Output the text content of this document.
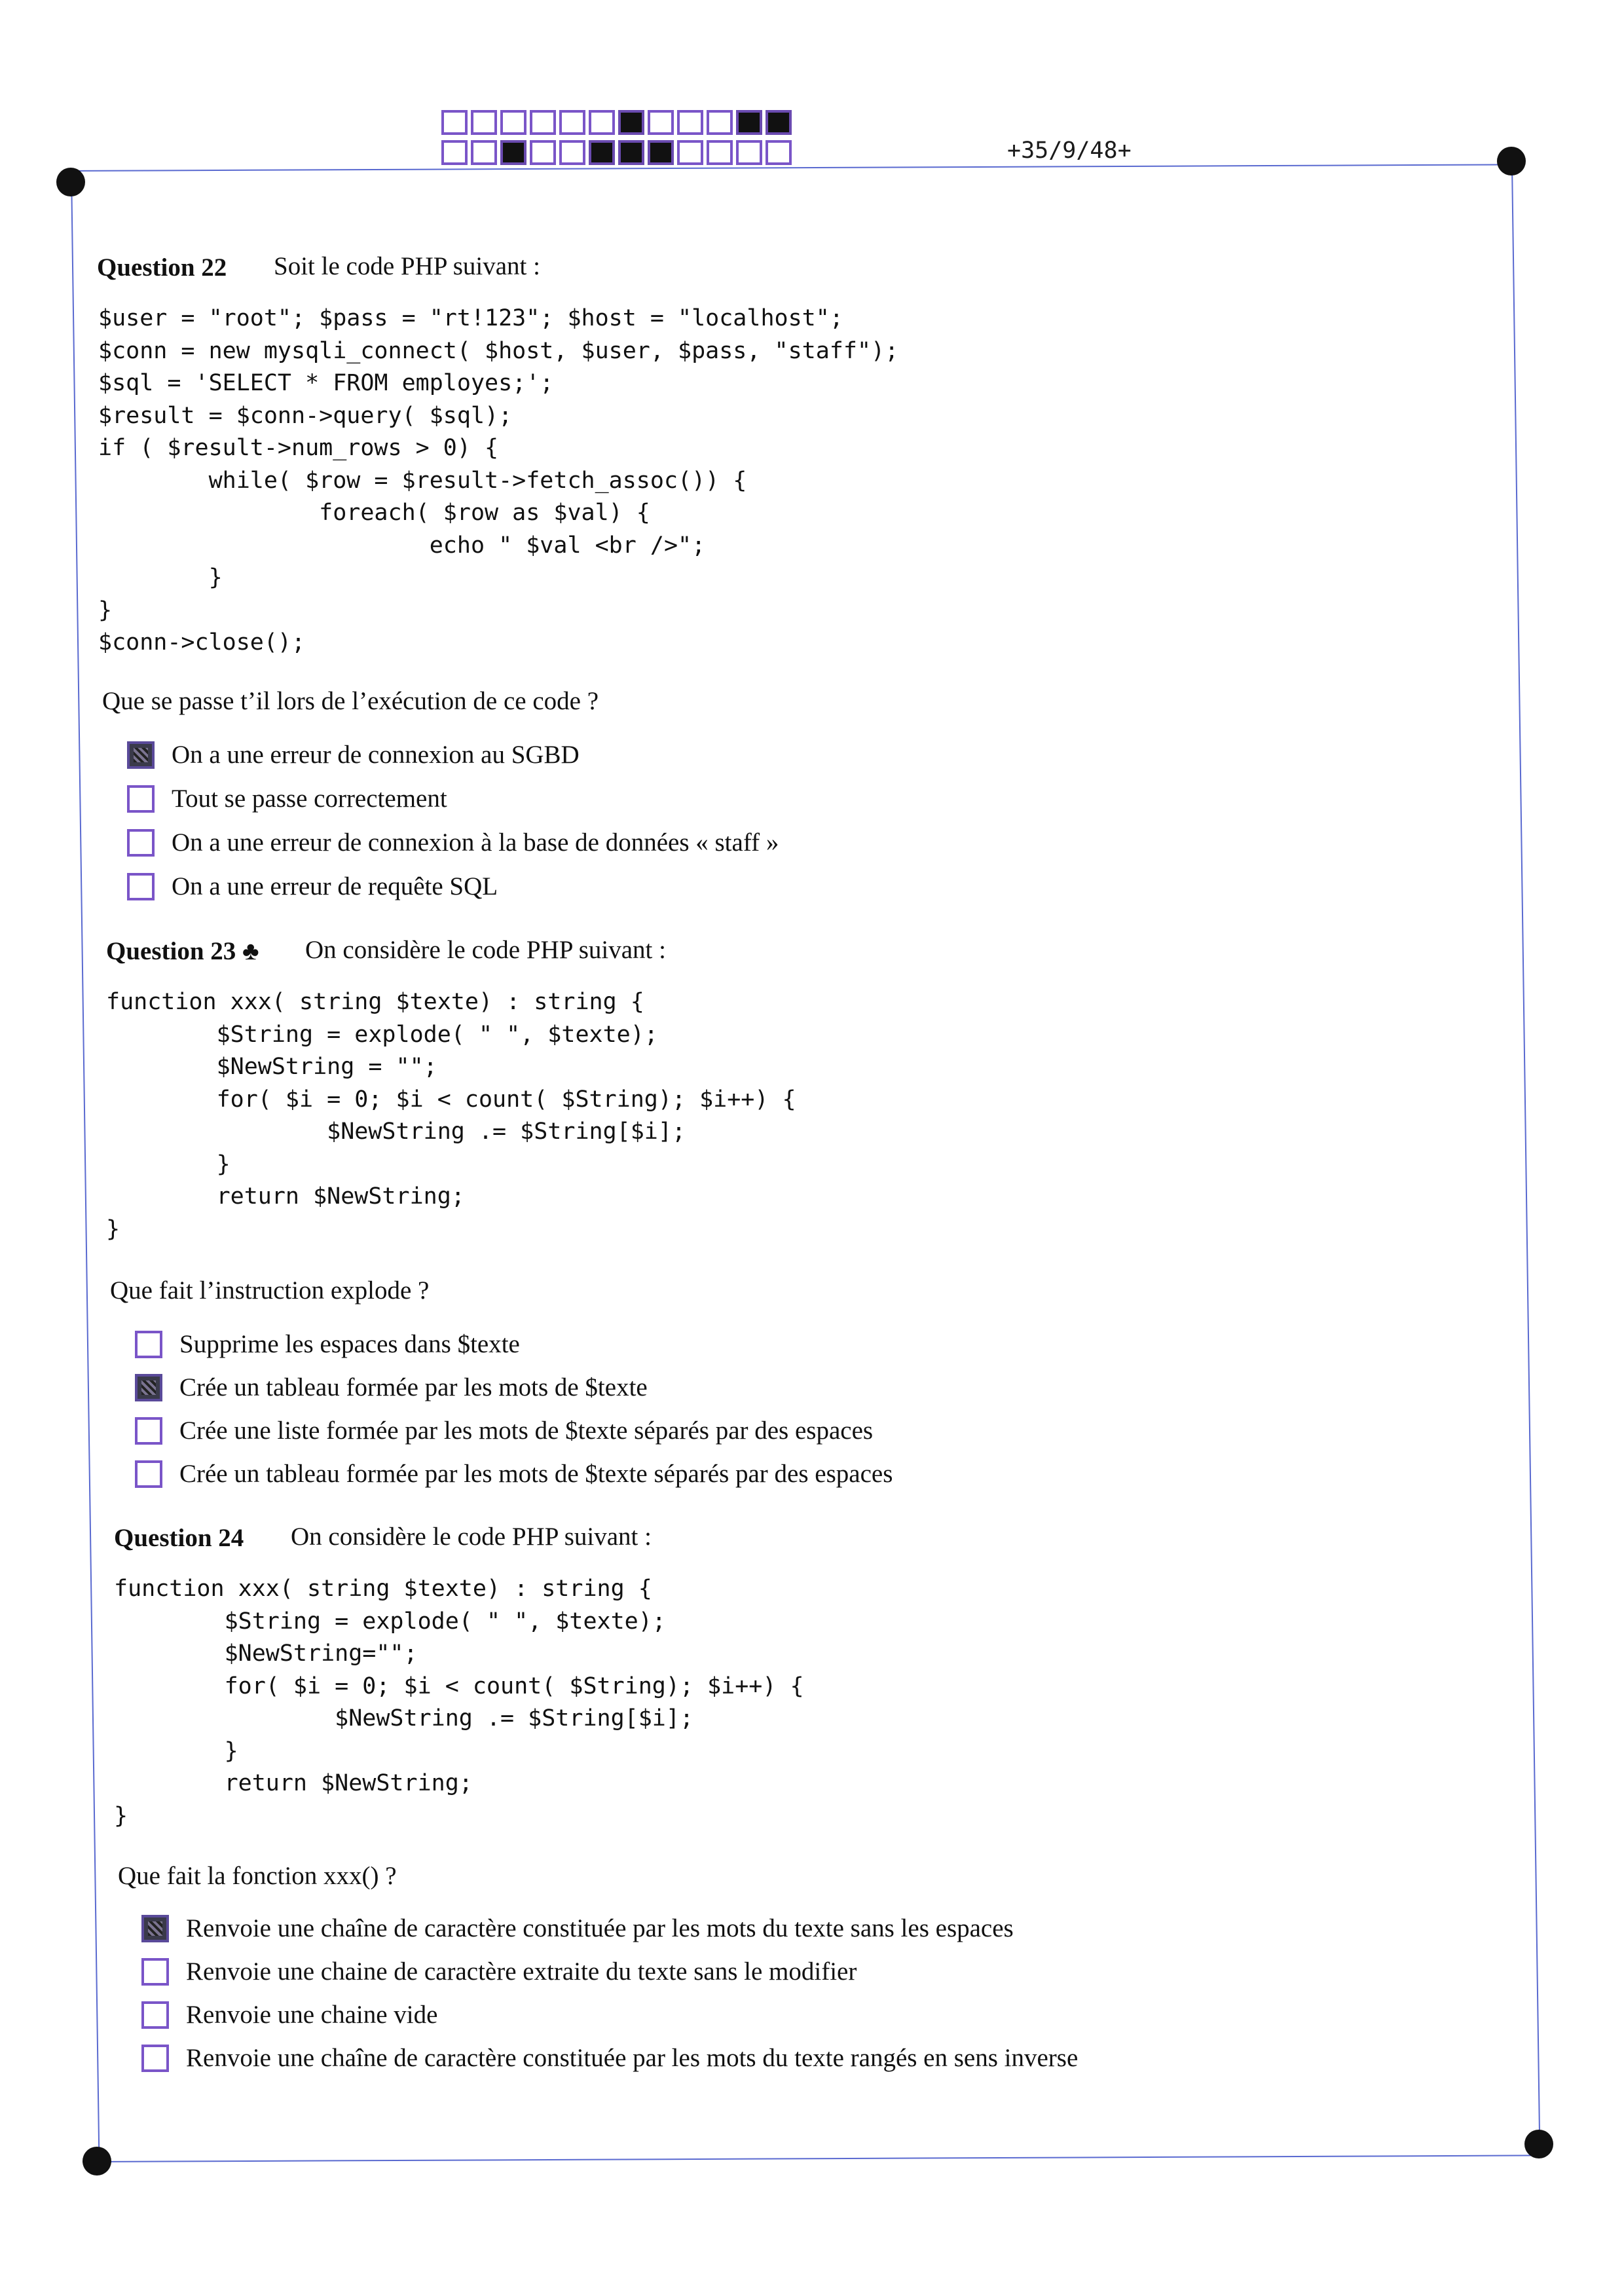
+35/9/48+
Question 22 Soit le code PHP suivant :
$user = "root"; $pass = "rt!123"; $host = "localhost";
$conn = new mysqli_connect( $host, $user, $pass, "staff");
$sql = 'SELECT * FROM employes;';
$result = $conn->query( $sql);
if ( $result->num_rows > 0) {
while( $row = $result->fetch_assoc()) {
foreach( $row as $val) {
echo " $val <br />";
}
}
$conn->close();
Que se passe t’il lors de l’exécution de ce code ?
On a une erreur de connexion au SGBD
Tout se passe correctement
On a une erreur de connexion à la base de données « staff »
On a une erreur de requête SQL
Question 23 ♣ On considère le code PHP suivant :
function xxx( string $texte) : string {
$String = explode( " ", $texte);
$NewString = "";
for( $i = 0; $i < count( $String); $i++) {
$NewString .= $String[$i];
}
return $NewString;
}
Que fait l’instruction explode ?
Supprime les espaces dans $texte
Crée un tableau formée par les mots de $texte
Crée une liste formée par les mots de $texte séparés par des espaces
Crée un tableau formée par les mots de $texte séparés par des espaces
Question 24 On considère le code PHP suivant :
function xxx( string $texte) : string {
$String = explode( " ", $texte);
$NewString="";
for( $i = 0; $i < count( $String); $i++) {
$NewString .= $String[$i];
}
return $NewString;
}
Que fait la fonction xxx() ?
Renvoie une chaîne de caractère constituée par les mots du texte sans les espaces
Renvoie une chaine de caractère extraite du texte sans le modifier
Renvoie une chaine vide
Renvoie une chaîne de caractère constituée par les mots du texte rangés en sens inverse
